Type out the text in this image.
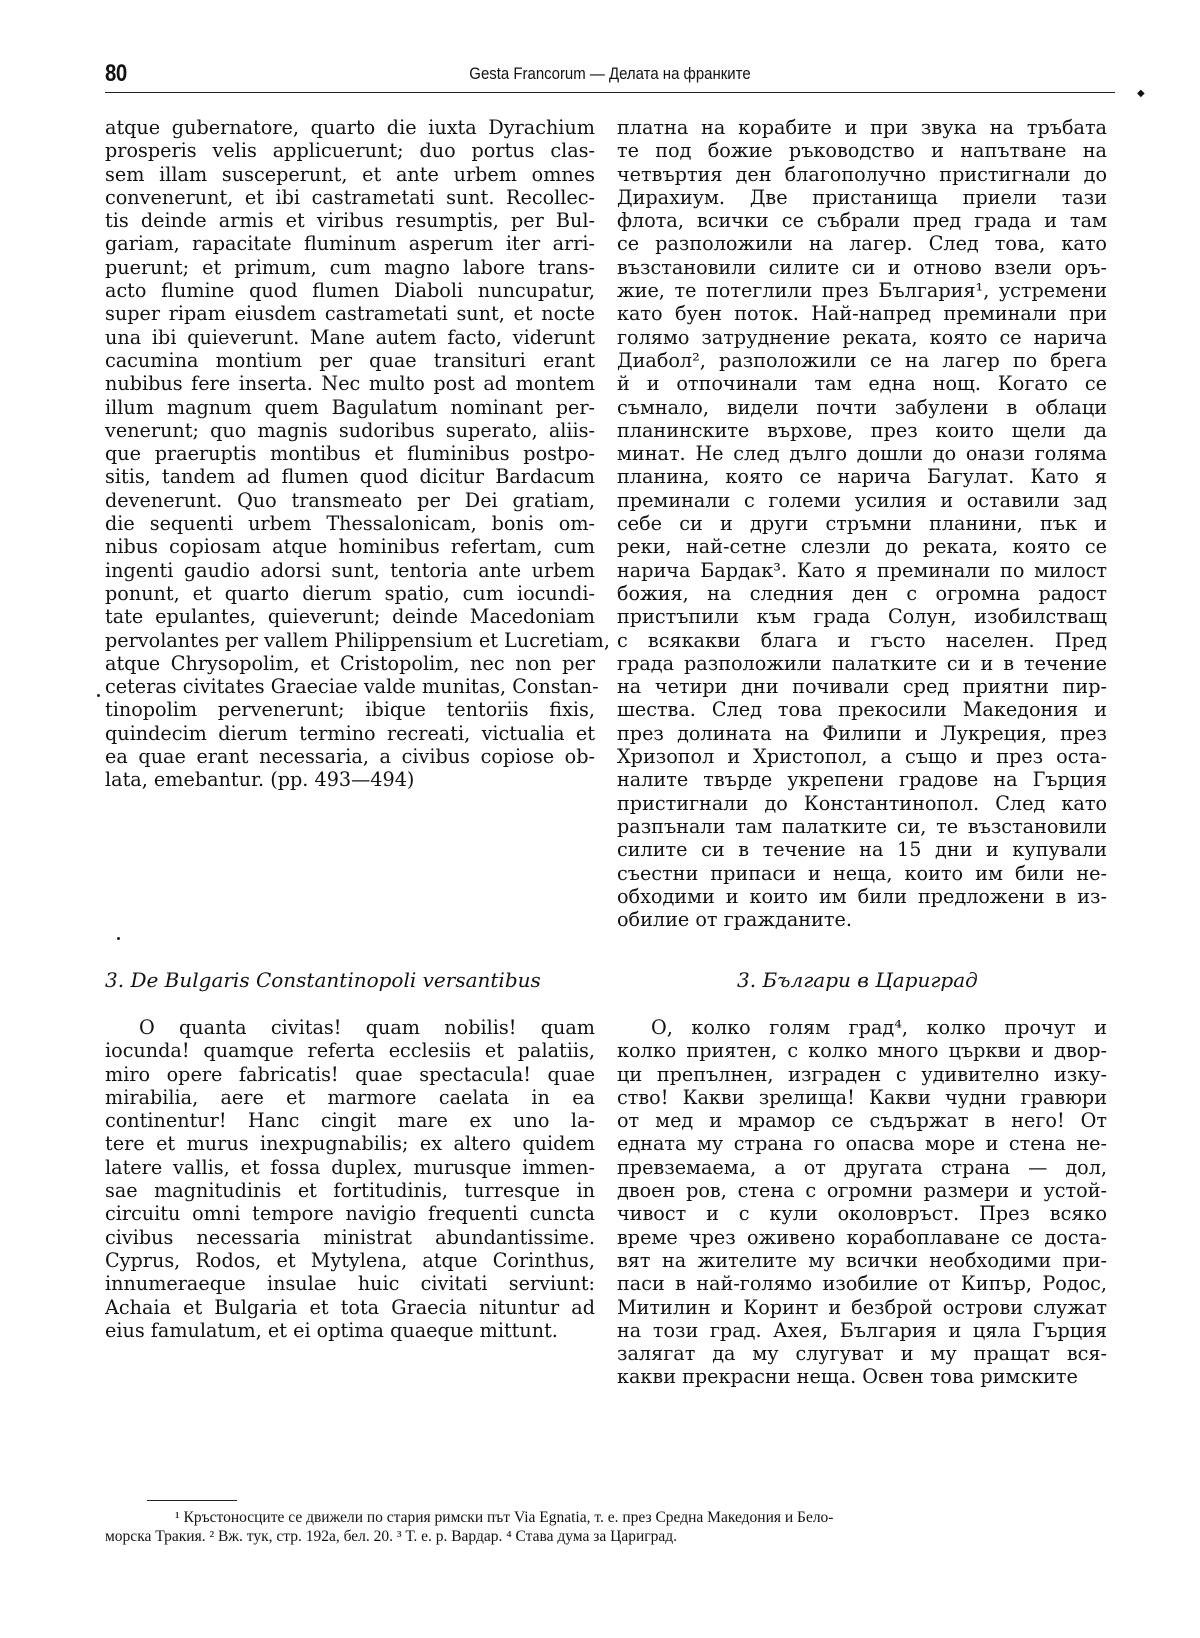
80	Gesta Francorum — Делата на франките
atque gubernatore, quarto die iuxta Dyrachium
prosperis velis applicuerunt; duo portus clas-
sem illam susceperunt, et ante urbem omnes
convenerunt, et ibi castrametati sunt. Recollec-
tis deinde armis et viribus resumptis, per Bul-
gariam, rapacitate fluminum asperum iter arri-
puerunt; et primum, cum magno labore trans-
acto flumine quod flumen Diaboli nuncupatur,
super ripam eiusdem castrametati sunt, et nocte
una ibi quieverunt. Mane autem facto, viderunt
cacumina montium per quae transituri erant
nubibus fere inserta. Nec multo post ad montem
illum magnum quem Bagulatum nominant per-
venerunt; quo magnis sudoribus superato, aliis-
que praeruptis montibus et fluminibus postpo-
sitis, tandem ad flumen quod dicitur Bardacum
devenerunt. Quo transmeato per Dei gratiam,
die sequenti urbem Thessalonicam, bonis om-
nibus copiosam atque hominibus refertam, cum
ingenti gaudio adorsi sunt, tentoria ante urbem
ponunt, et quarto dierum spatio, cum iocundi-
tate epulantes, quieverunt; deinde Macedoniam
pervolantes per vallem Philippensium et Lucretiam,
atque Chrysopolim, et Cristopolim, nec non per
ceteras civitates Graeciae valde munitas, Constan-
tinopolim pervenerunt; ibique tentoriis fixis,
quindecim dierum termino recreati, victualia et
ea quae erant necessaria, a civibus copiose ob-
lata, emebantur. (pp. 493—494)
платна на корабите и при звука на тръбата
те под божие ръководство и напътване на
четвъртия ден благополучно пристигнали до
Дирахиум. Две пристанища приели тази
флота, всички се събрали пред града и там
се разположили на лагер. След това, като
възстановили силите си и отново взели оръ-
жие, те потеглили през България¹, устремени
като буен поток. Най-напред преминали при
голямо затруднение реката, която се нарича
Диабол², разположили се на лагер по брега
й и отпочинали там една нощ. Когато се
съмнало, видели почти забулени в облаци
планинските върхове, през които щели да
минат. Не след дълго дошли до онази голяма
планина, която се нарича Багулат. Като я
преминали с големи усилия и оставили зад
себе си и други стръмни планини, пък и
реки, най-сетне слезли до реката, която се
нарича Бардак³. Като я преминали по милост
божия, на следния ден с огромна радост
пристъпили към града Солун, изобилстващ
с всякакви блага и гъсто населен. Пред
града разположили палатките си и в течение
на четири дни почивали сред приятни пир-
шества. След това прекосили Македония и
през долината на Филипи и Лукреция, през
Хризопол и Христопол, а също и през оста-
налите твърде укрепени градове на Гърция
пристигнали до Константинопол. След като
разпънали там палатките си, те възстановили
силите си в течение на 15 дни и купували
съестни припаси и неща, които им били не-
обходими и които им били предложени в из-
обилие от гражданите.
3. De Bulgaris Constantinopoli versantibus	3. Българи в Цариград
O quanta civitas! quam nobilis! quam
iocunda! quamque referta ecclesiis et palatiis,
miro opere fabricatis! quae spectacula! quae
mirabilia, aere et marmore caelata in ea
continentur! Hanc cingit mare ex uno la-
tere et murus inexpugnabilis; ex altero quidem
latere vallis, et fossa duplex, murusque immen-
sae magnitudinis et fortitudinis, turresque in
circuitu omni tempore navigio frequenti cuncta
civibus necessaria ministrat abundantissime.
Cyprus, Rodos, et Mytylena, atque Corinthus,
innumeraeque insulae huic civitati serviunt:
Achaia et Bulgaria et tota Graecia nituntur ad
eius famulatum, et ei optima quaeque mittunt.
О, колко голям град⁴, колко прочут и
колко приятен, с колко много църкви и двор-
ци препълнен, изграден с удивително изку-
ство! Какви зрелища! Какви чудни гравюри
от мед и мрамор се съдържат в него! От
едната му страна го опасва море и стена не-
превземаема, а от другата страна — дол,
двоен ров, стена с огромни размери и устой-
чивост и с кули околовръст. През всяко
време чрез оживено корабоплаване се доста-
вят на жителите му всички необходими при-
паси в най-голямо изобилие от Кипър, Родос,
Митилин и Коринт и безброй острови служат
на този град. Ахея, България и цяла Гърция
залягат да му слугуват и му пращат вся-
какви прекрасни неща. Освен това римските
¹ Кръстоносците се движели по стария римски път Via Egnatia, т. е. през Средна Македония и Бело-
морска Тракия. ² Вж. тук, стр. 192а, бел. 20. ³ Т. е. р. Вардар. ⁴ Става дума за Цариград.
◆
